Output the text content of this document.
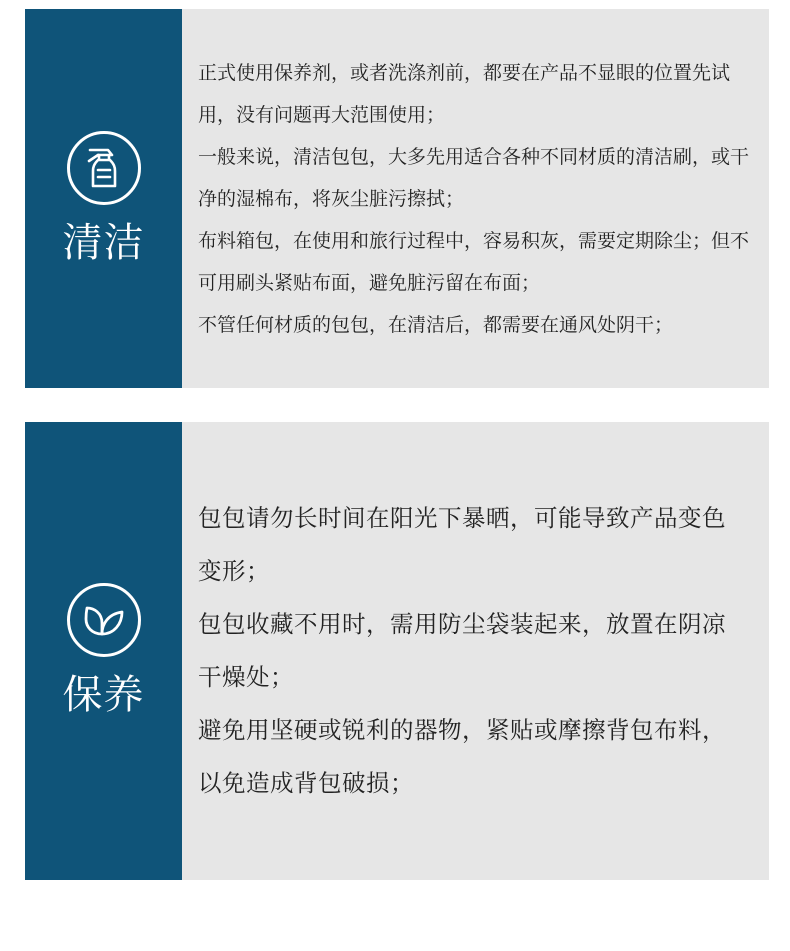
清洁

正式使用保养剂，或者洗涤剂前，都要在产品不显眼的位置先试用，没有问题再大范围使用；

一般来说，清洁包包，大多先用适合各种不同材质的清洁刷，或干净的湿棉布，将灰尘脏污擦拭；

布料箱包，在使用和旅行过程中，容易积灰，需要定期除尘；但不可用刷头紧贴布面，避免脏污留在布面；

不管任何材质的包包，在清洁后，都需要在通风处阴干；

保养

包包请勿长时间在阳光下暴晒，可能导致产品变色变形；

包包收藏不用时，需用防尘袋装起来，放置在阴凉干燥处；

避免用坚硬或锐利的器物，紧贴或摩擦背包布料，以免造成背包破损；
